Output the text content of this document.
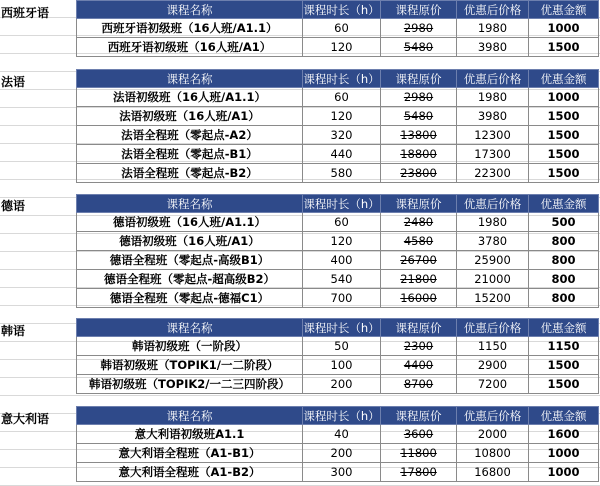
西班牙语	课程名称	课程时长（h）	课程原价	优惠后价格	优惠金额
西班牙语初级班（16人班/A1.1）	60	2980	1980	1000
西班牙语初级班（16人班/A1）	120	5480	3980	1500
法语	课程名称	课程时长（h）	课程原价	优惠后价格	优惠金额
法语初级班（16人班/A1.1）	60	2980	1980	1000
法语初级班（16人班/A1）	120	5480	3980	1500
法语全程班（零起点-A2）	320	13800	12300	1500
法语全程班（零起点-B1）	440	18800	17300	1500
法语全程班（零起点-B2）	580	23800	22300	1500
德语	课程名称	课程时长（h）	课程原价	优惠后价格	优惠金额
德语初级班（16人班/A1.1）	60	2480	1980	500
德语初级班（16人班/A1）	120	4580	3780	800
德语全程班（零起点-高级B1）	400	26700	25900	800
德语全程班（零起点-超高级B2）	540	21800	21000	800
德语全程班（零起点-德福C1）	700	16000	15200	800
韩语	课程名称	课程时长（h）	课程原价	优惠后价格	优惠金额
韩语初级班（一阶段）	50	2300	1150	1150
韩语初级班（TOPIK1/一二阶段）	100	4400	2900	1500
韩语初级班（TOPIK2/一二三四阶段）	200	8700	7200	1500
意大利语	课程名称	课程时长（h）	课程原价	优惠后价格	优惠金额
意大利语初级班A1.1	40	3600	2000	1600
意大利语全程班（A1-B1）	200	11800	10800	1000
意大利语全程班（A1-B2）	300	17800	16800	1000
